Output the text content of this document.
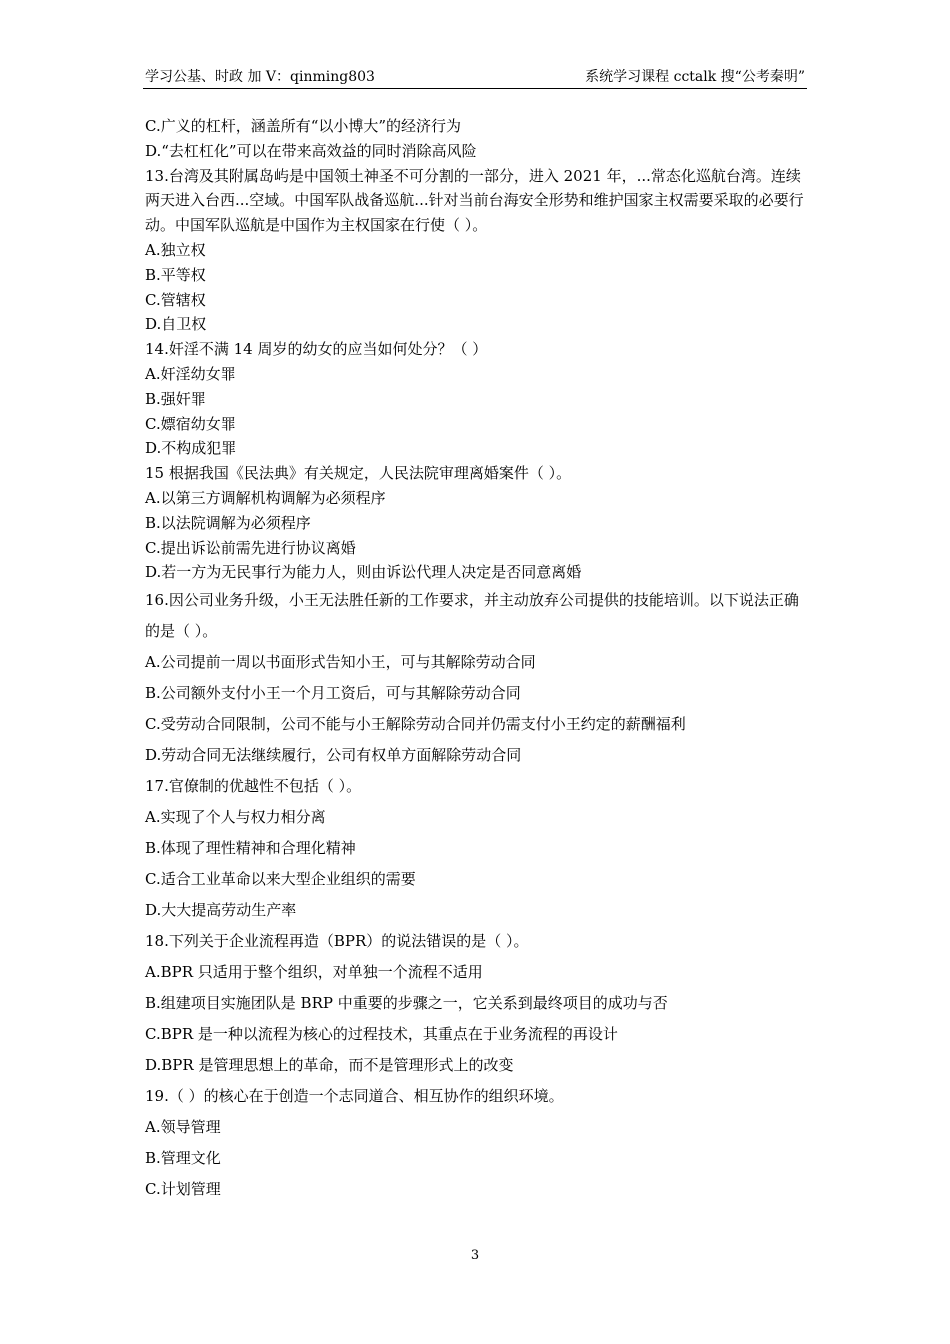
学习公基、时政 加 V：qinming803	系统学习课程 cctalk 搜“公考秦明”
C.广义的杠杆，涵盖所有“以小博大”的经济行为
D.“去杠杠化”可以在带来高效益的同时消除高风险
13.台湾及其附属岛屿是中国领土神圣不可分割的一部分，进入 2021 年，...常态化巡航台湾。连续两天进入台西...空域。中国军队战备巡航...针对当前台海安全形势和维护国家主权需要采取的必要行动。中国军队巡航是中国作为主权国家在行使（ ）。
A.独立权
B.平等权
C.管辖权
D.自卫权
14.奸淫不满 14 周岁的幼女的应当如何处分？（ ）
A.奸淫幼女罪
B.强奸罪
C.嫖宿幼女罪
D.不构成犯罪
15 根据我国《民法典》有关规定，人民法院审理离婚案件（ ）。
A.以第三方调解机构调解为必须程序
B.以法院调解为必须程序
C.提出诉讼前需先进行协议离婚
D.若一方为无民事行为能力人，则由诉讼代理人决定是否同意离婚
16.因公司业务升级，小王无法胜任新的工作要求，并主动放弃公司提供的技能培训。以下说法正确的是（ ）。
A.公司提前一周以书面形式告知小王，可与其解除劳动合同
B.公司额外支付小王一个月工资后，可与其解除劳动合同
C.受劳动合同限制，公司不能与小王解除劳动合同并仍需支付小王约定的薪酬福利
D.劳动合同无法继续履行，公司有权单方面解除劳动合同
17.官僚制的优越性不包括（ ）。
A.实现了个人与权力相分离
B.体现了理性精神和合理化精神
C.适合工业革命以来大型企业组织的需要
D.大大提高劳动生产率
18.下列关于企业流程再造（BPR）的说法错误的是（ ）。
A.BPR 只适用于整个组织，对单独一个流程不适用
B.组建项目实施团队是 BRP 中重要的步骤之一，它关系到最终项目的成功与否
C.BPR 是一种以流程为核心的过程技术，其重点在于业务流程的再设计
D.BPR 是管理思想上的革命，而不是管理形式上的改变
19.（ ）的核心在于创造一个志同道合、相互协作的组织环境。
A.领导管理
B.管理文化
C.计划管理
3
